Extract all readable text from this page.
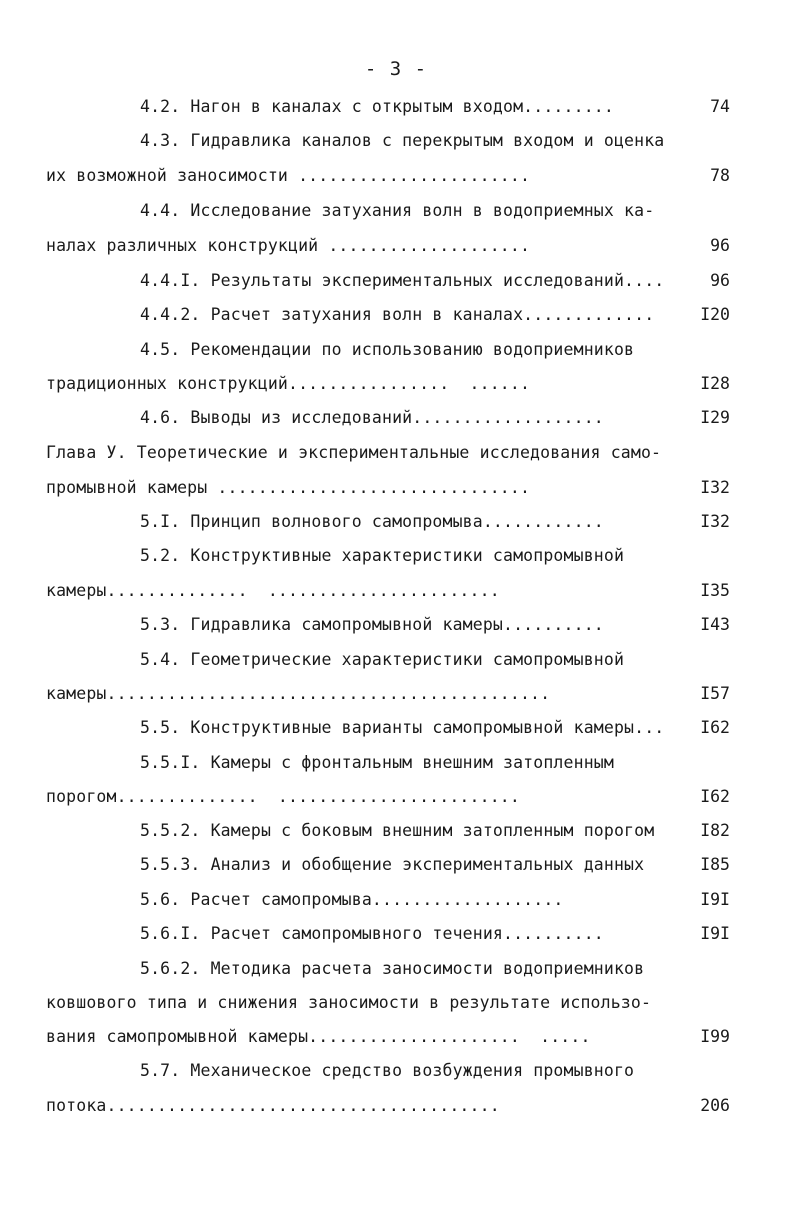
- 3 -
4.2. Нагон в каналах с открытым входом.........	74
4.3. Гидравлика каналов с перекрытым входом и оценка
их возможной заносимости .......................	78
4.4. Исследование затухания волн в водоприемных ка-
налах различных конструкций ....................	96
4.4.I. Результаты экспериментальных исследований....	96
4.4.2. Расчет затухания волн в каналах.............	I20
4.5. Рекомендации по использованию водоприемников
традиционных конструкций................  ......	I28
4.6. Выводы из исследований...................	I29
Глава У. Теоретические и экспериментальные исследования само-
промывной камеры ...............................	I32
5.I. Принцип волнового самопромыва............	I32
5.2. Конструктивные характеристики самопромывной
камеры..............  .......................	I35
5.3. Гидравлика самопромывной камеры..........	I43
5.4. Геометрические характеристики самопромывной
камеры............................................	I57
5.5. Конструктивные варианты самопромывной камеры...	I62
5.5.I. Камеры с фронтальным внешним затопленным
порогом..............  ........................	I62
5.5.2. Камеры с боковым внешним затопленным порогом	I82
5.5.3. Анализ и обобщение экспериментальных данных	I85
5.6. Расчет самопромыва...................	I9I
5.6.I. Расчет самопромывного течения..........	I9I
5.6.2. Методика расчета заносимости водоприемников
ковшового типа и снижения заносимости в результате использо-
вания самопромывной камеры.....................  .....	I99
5.7. Механическое средство возбуждения промывного
потока.......................................	206
